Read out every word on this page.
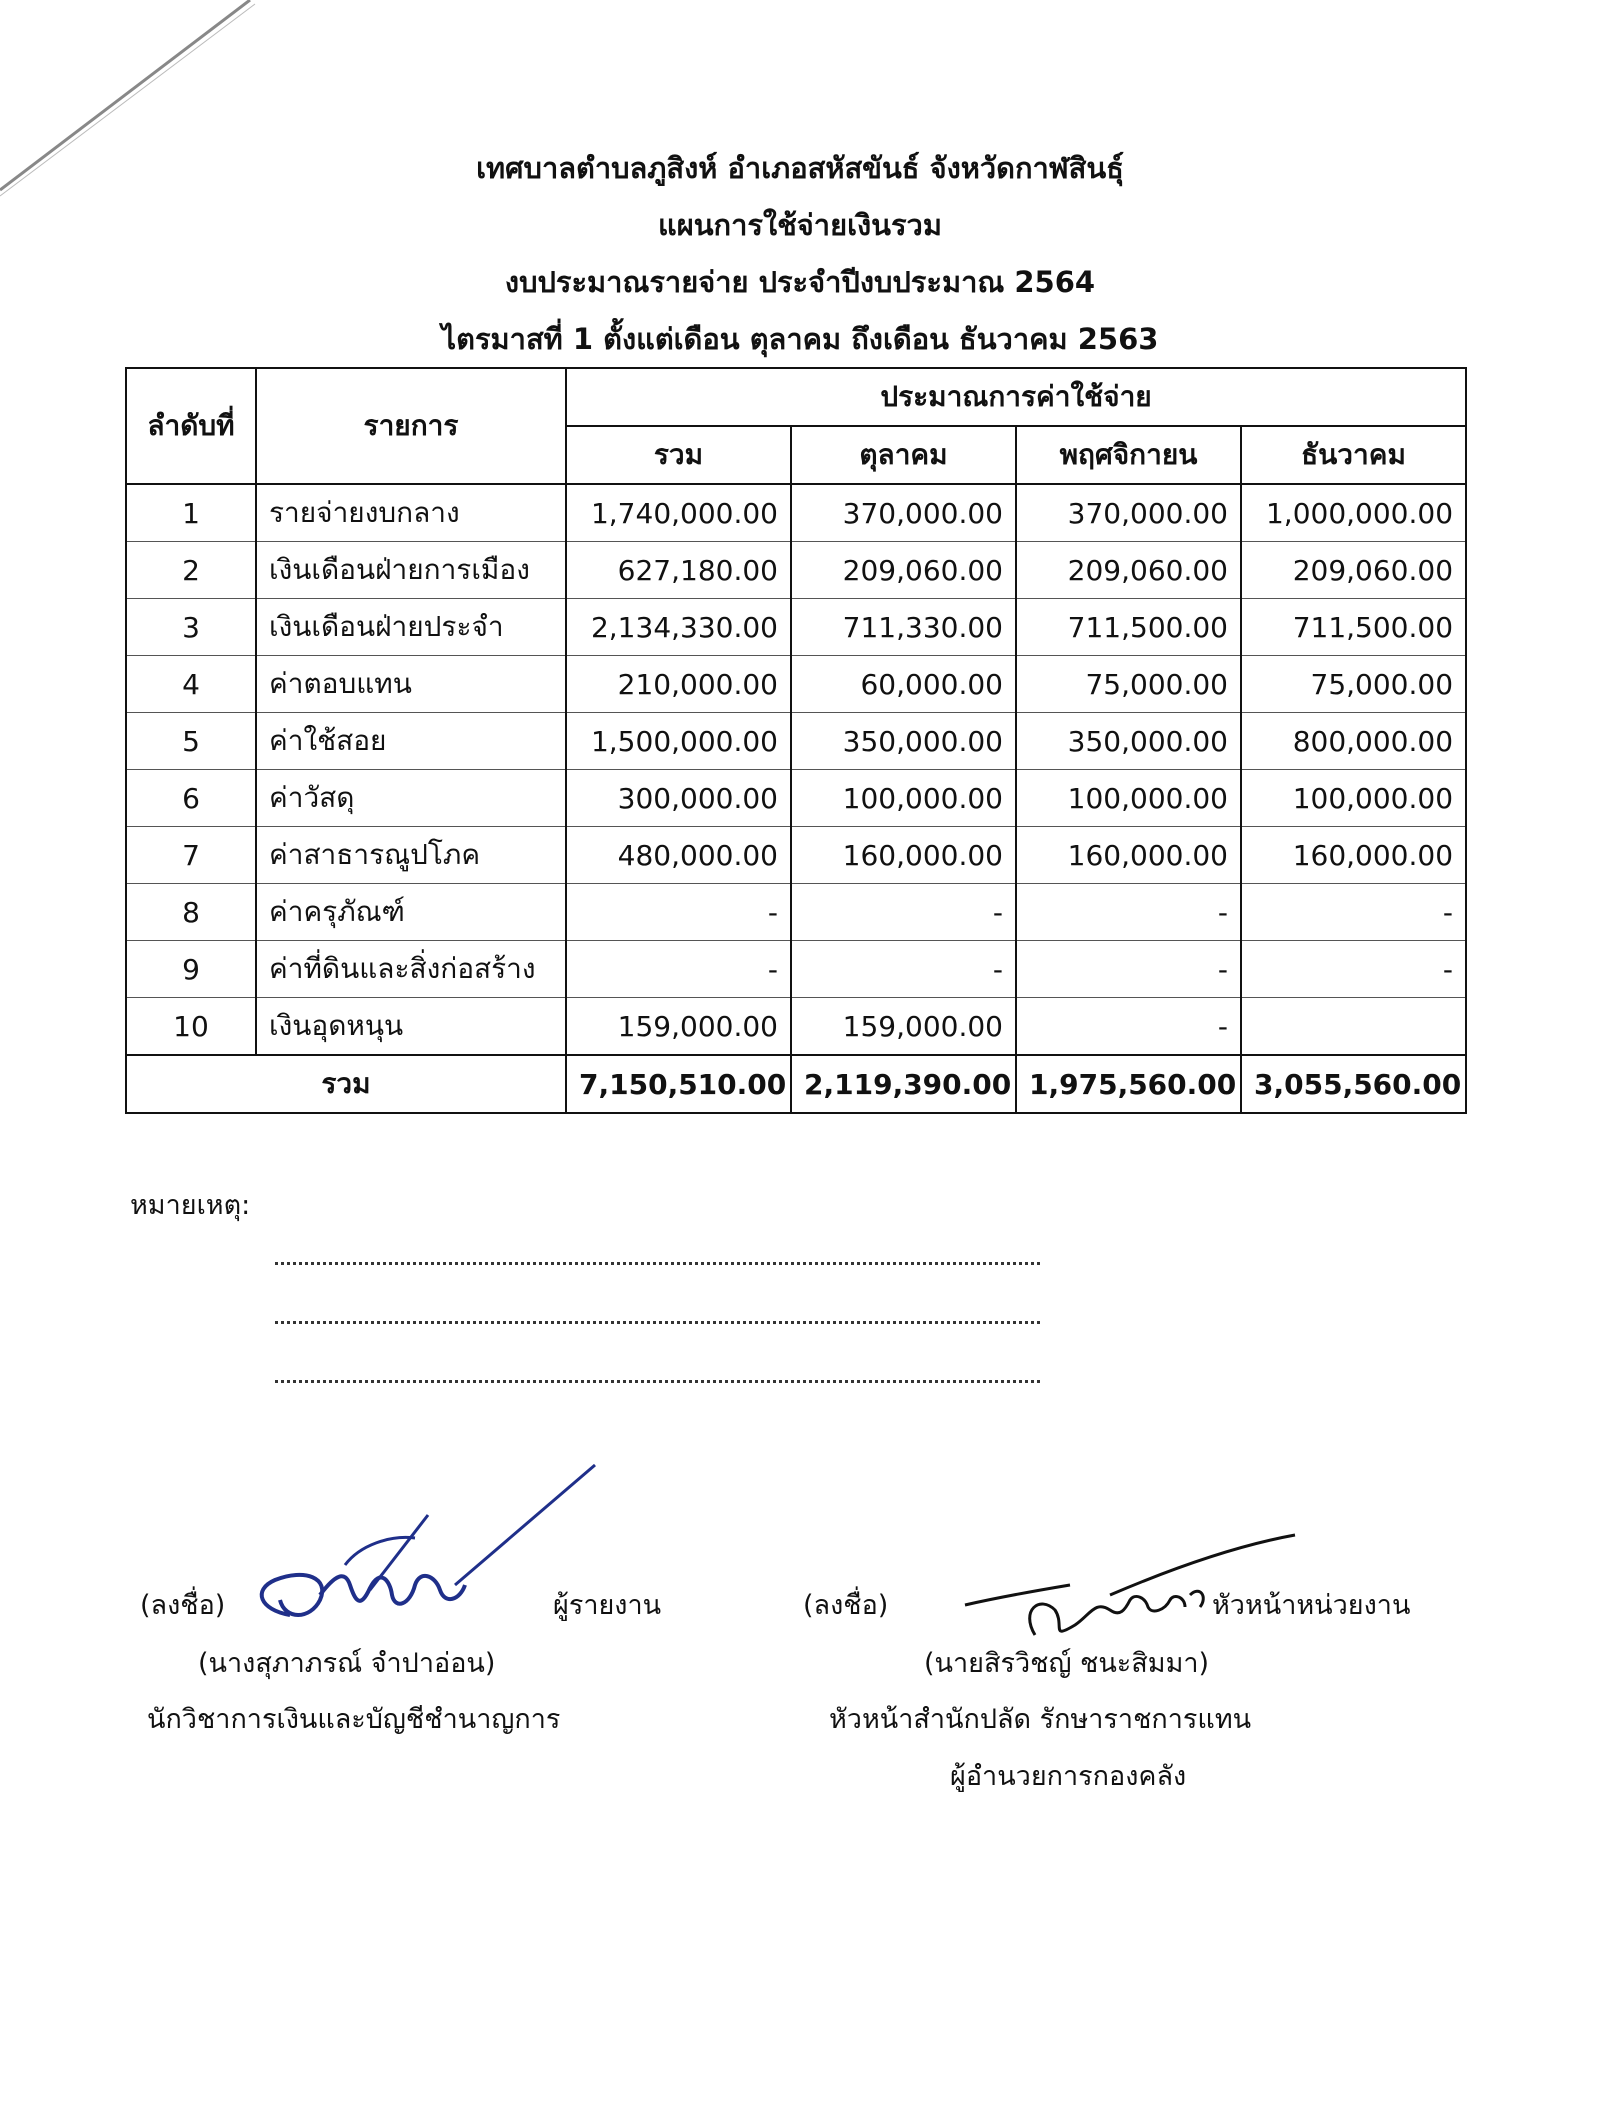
เทศบาลตำบลภูสิงห์ อำเภอสหัสขันธ์ จังหวัดกาฬสินธุ์
แผนการใช้จ่ายเงินรวม
งบประมาณรายจ่าย ประจำปีงบประมาณ 2564
ไตรมาสที่ 1 ตั้งแต่เดือน ตุลาคม ถึงเดือน ธันวาคม 2563
ลำดับที่	รายการ	ประมาณการค่าใช้จ่าย			
		รวม	ตุลาคม	พฤศจิกายน	ธันวาคม
1	รายจ่ายงบกลาง	1,740,000.00	370,000.00	370,000.00	1,000,000.00
2	เงินเดือนฝ่ายการเมือง	627,180.00	209,060.00	209,060.00	209,060.00
3	เงินเดือนฝ่ายประจำ	2,134,330.00	711,330.00	711,500.00	711,500.00
4	ค่าตอบแทน	210,000.00	60,000.00	75,000.00	75,000.00
5	ค่าใช้สอย	1,500,000.00	350,000.00	350,000.00	800,000.00
6	ค่าวัสดุ	300,000.00	100,000.00	100,000.00	100,000.00
7	ค่าสาธารณูปโภค	480,000.00	160,000.00	160,000.00	160,000.00
8	ค่าครุภัณฑ์	-	-	-	-
9	ค่าที่ดินและสิ่งก่อสร้าง	-	-	-	-
10	เงินอุดหนุน	159,000.00	159,000.00	-	
รวม		7,150,510.00	2,119,390.00	1,975,560.00	3,055,560.00
หมายเหตุ:
(ลงชื่อ)	ผู้รายงาน
(นางสุภาภรณ์ จำปาอ่อน)
นักวิชาการเงินและบัญชีชำนาญการ
(ลงชื่อ)	หัวหน้าหน่วยงาน
(นายสิรวิชญ์ ชนะสิมมา)
หัวหน้าสำนักปลัด รักษาราชการแทน
ผู้อำนวยการกองคลัง
